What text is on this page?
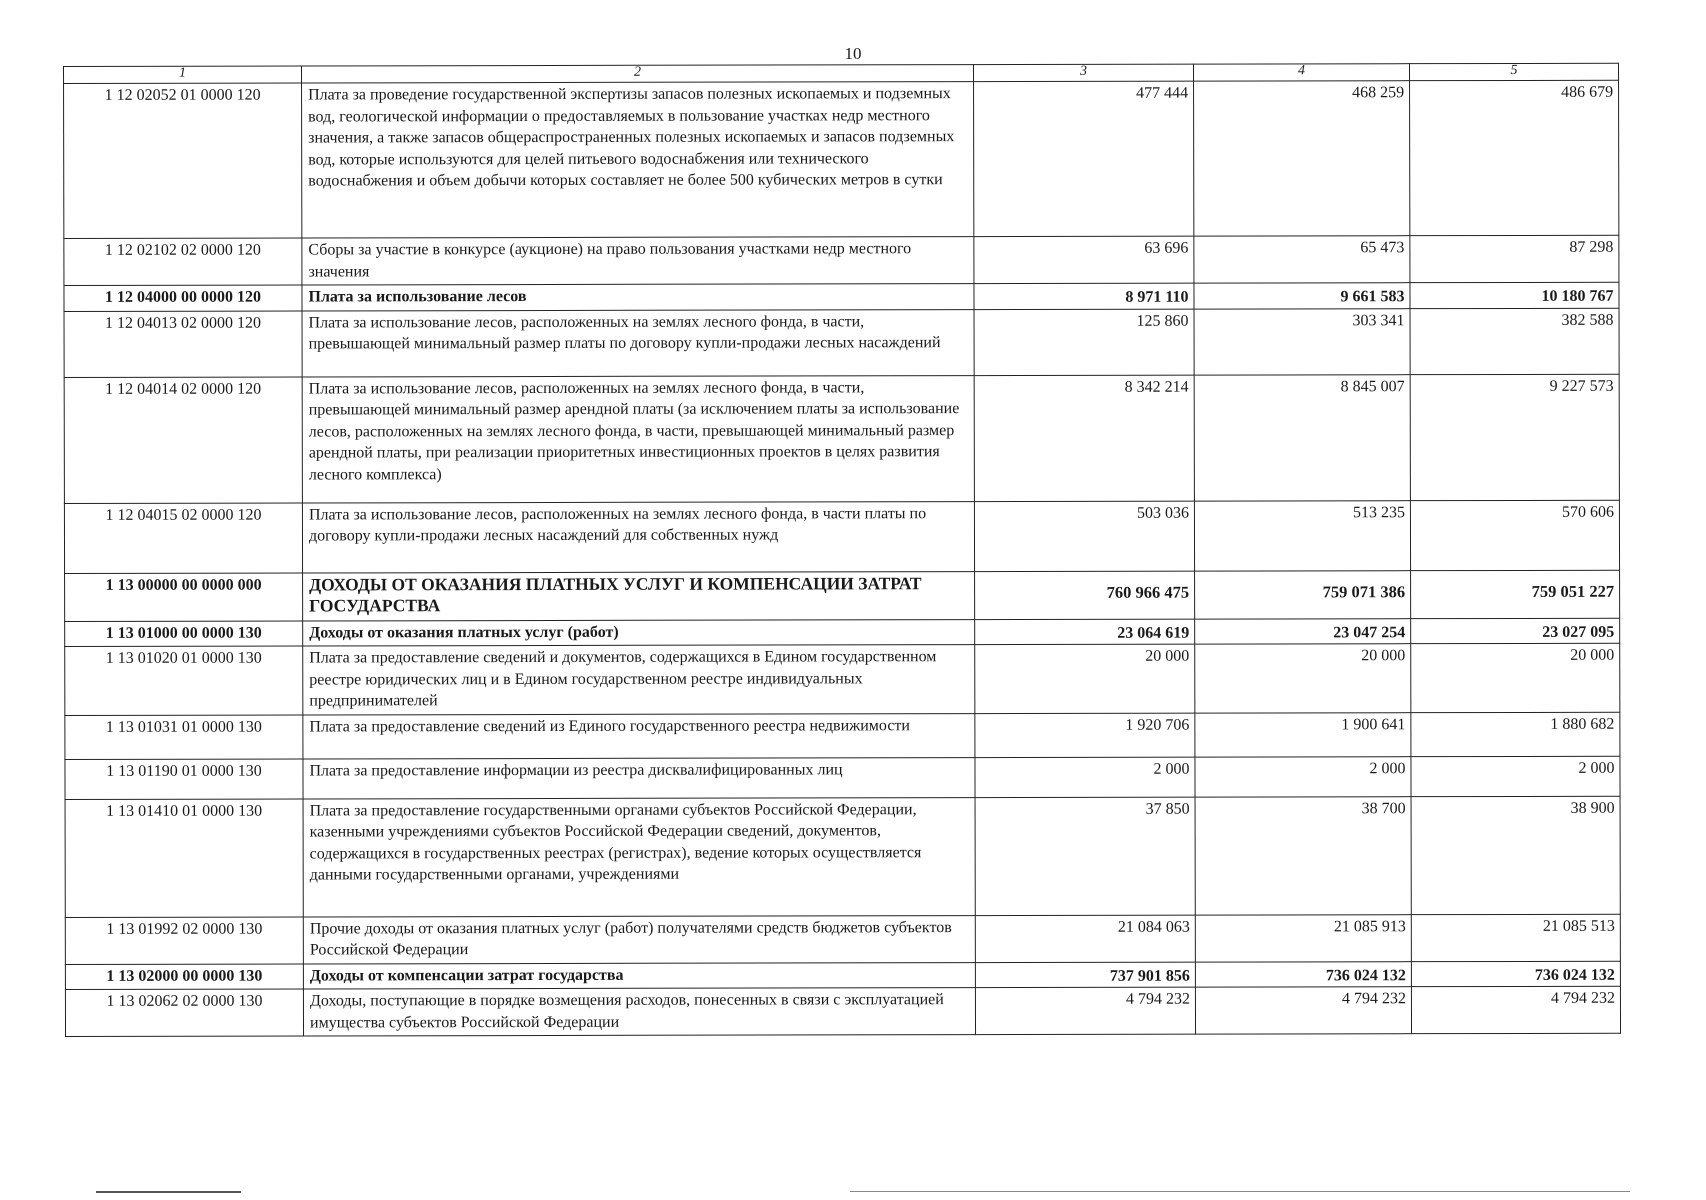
10
1	2	3	4	5
1 12 02052 01 0000 120	Плата за проведение государственной экспертизы запасов полезных ископаемых и подземных вод, геологической информации о предоставляемых в пользование участках недр местного значения, а также запасов общераспространенных полезных ископаемых и запасов подземных вод, которые используются для целей питьевого водоснабжения или технического водоснабжения и объем добычи которых составляет не более 500 кубических метров в сутки	477 444	468 259	486 679
1 12 02102 02 0000 120	Сборы за участие в конкурсе (аукционе) на право пользования участками недр местного значения	63 696	65 473	87 298
1 12 04000 00 0000 120	Плата за использование лесов	8 971 110	9 661 583	10 180 767
1 12 04013 02 0000 120	Плата за использование лесов, расположенных на землях лесного фонда, в части, превышающей минимальный размер платы по договору купли-продажи лесных насаждений	125 860	303 341	382 588
1 12 04014 02 0000 120	Плата за использование лесов, расположенных на землях лесного фонда, в части, превышающей минимальный размер арендной платы (за исключением платы за использование лесов, расположенных на землях лесного фонда, в части, превышающей минимальный размер арендной платы, при реализации приоритетных инвестиционных проектов в целях развития лесного комплекса)	8 342 214	8 845 007	9 227 573
1 12 04015 02 0000 120	Плата за использование лесов, расположенных на землях лесного фонда, в части платы по договору купли-продажи лесных насаждений для собственных нужд	503 036	513 235	570 606
1 13 00000 00 0000 000	ДОХОДЫ ОТ ОКАЗАНИЯ ПЛАТНЫХ УСЛУГ И КОМПЕНСАЦИИ ЗАТРАТ ГОСУДАРСТВА	760 966 475	759 071 386	759 051 227
1 13 01000 00 0000 130	Доходы от оказания платных услуг (работ)	23 064 619	23 047 254	23 027 095
1 13 01020 01 0000 130	Плата за предоставление сведений и документов, содержащихся в Едином государственном реестре юридических лиц и в Едином государственном реестре индивидуальных предпринимателей	20 000	20 000	20 000
1 13 01031 01 0000 130	Плата за предоставление сведений из Единого государственного реестра недвижимости	1 920 706	1 900 641	1 880 682
1 13 01190 01 0000 130	Плата за предоставление информации из реестра дисквалифицированных лиц	2 000	2 000	2 000
1 13 01410 01 0000 130	Плата за предоставление государственными органами субъектов Российской Федерации, казенными учреждениями субъектов Российской Федерации сведений, документов, содержащихся в государственных реестрах (регистрах), ведение которых осуществляется данными государственными органами, учреждениями	37 850	38 700	38 900
1 13 01992 02 0000 130	Прочие доходы от оказания платных услуг (работ) получателями средств бюджетов субъектов Российской Федерации	21 084 063	21 085 913	21 085 513
1 13 02000 00 0000 130	Доходы от компенсации затрат государства	737 901 856	736 024 132	736 024 132
1 13 02062 02 0000 130	Доходы, поступающие в порядке возмещения расходов, понесенных в связи с эксплуатацией имущества субъектов Российской Федерации	4 794 232	4 794 232	4 794 232
